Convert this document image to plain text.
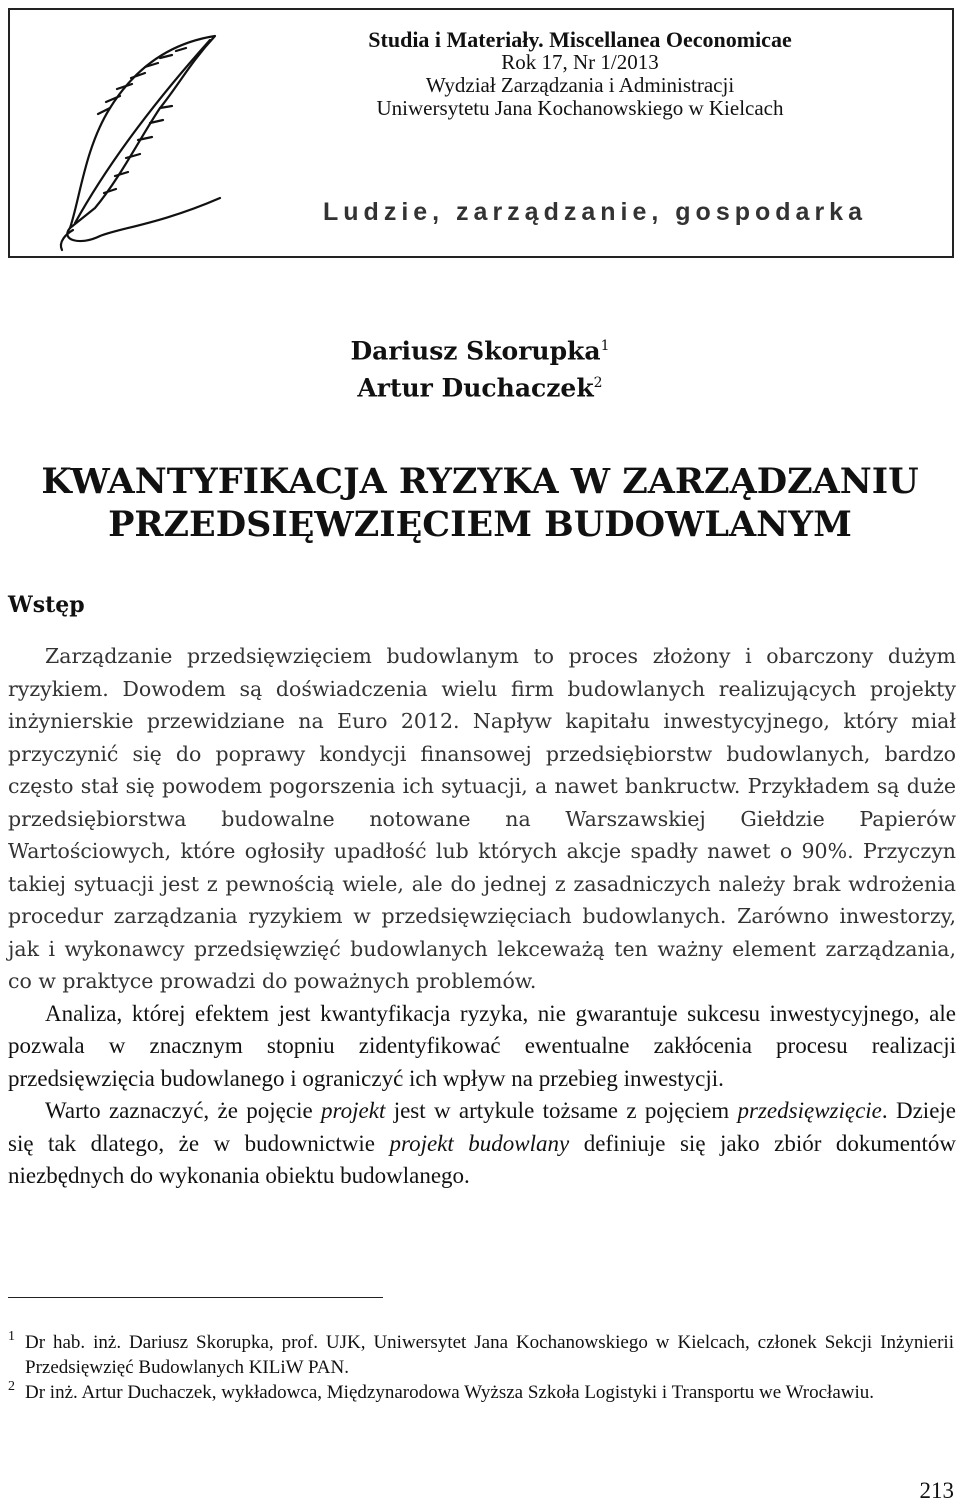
Studia i Materiały. Miscellanea Oeconomicae
Rok 17, Nr 1/2013
Wydział Zarządzania i Administracji
Uniwersytetu Jana Kochanowskiego w Kielcach
Ludzie, zarządzanie, gospodarka
Dariusz Skorupka$^1$
Artur Duchaczek$^2$
KWANTYFIKACJA RYZYKA W ZARZĄDZANIU
PRZEDSIĘWZIĘCIEM BUDOWLANYM
Wstęp

Zarządzanie przedsięwzięciem budowlanym to proces złożony i obarczony dużym ryzykiem. Dowodem są doświadczenia wielu firm budowlanych realizujących projekty inżynierskie przewidziane na Euro 2012. Napływ kapitału inwestycyjnego, który miał przyczynić się do poprawy kondycji finansowej przedsiębiorstw budowlanych, bardzo często stał się powodem pogorszenia ich sytuacji, a nawet bankructw. Przykładem są duże przedsiębiorstwa budowalne notowane na Warszawskiej Giełdzie Papierów Wartościowych, które ogłosiły upadłość lub których akcje spadły nawet o 90%. Przyczyn takiej sytuacji jest z pewnością wiele, ale do jednej z zasadniczych należy brak wdrożenia procedur zarządzania ryzykiem w przedsięwzięciach budowlanych. Zarówno inwestorzy, jak i wykonawcy przedsięwzięć budowlanych lekceważą ten ważny element zarządzania, co w praktyce prowadzi do poważnych problemów.

Analiza, której efektem jest kwantyfikacja ryzyka, nie gwarantuje sukcesu inwestycyjnego, ale pozwala w znacznym stopniu zidentyfikować ewentualne zakłócenia procesu realizacji przedsięwzięcia budowlanego i ograniczyć ich wpływ na przebieg inwestycji.

Warto zaznaczyć, że pojęcie projekt jest w artykule tożsame z pojęciem przedsięwzięcie. Dzieje się tak dlatego, że w budownictwie projekt budowlany definiuje się jako zbiór dokumentów niezbędnych do wykonania obiektu budowlanego.

1 Dr hab. inż. Dariusz Skorupka, prof. UJK, Uniwersytet Jana Kochanowskiego w Kielcach, członek Sekcji Inżynierii Przedsięwzięć Budowlanych KILiW PAN.
2 Dr inż. Artur Duchaczek, wykładowca, Międzynarodowa Wyższa Szkoła Logistyki i Transportu we Wrocławiu.
213
